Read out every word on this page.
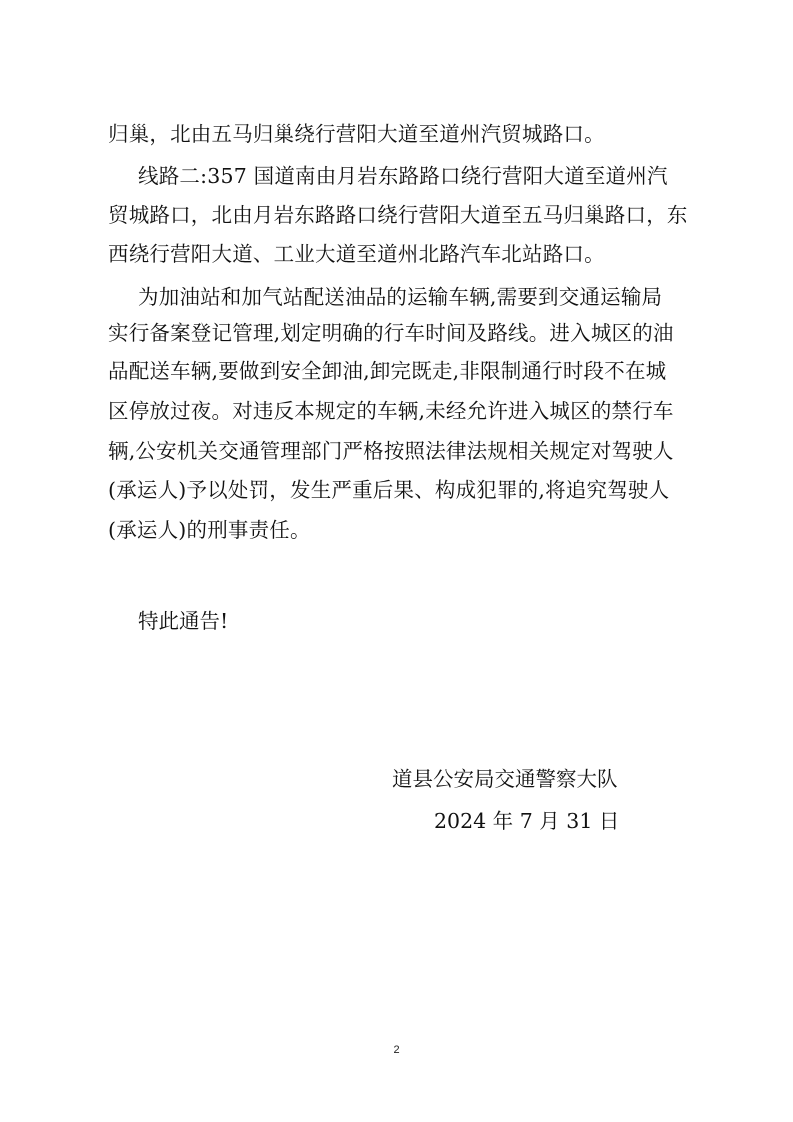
归巢，北由五马归巢绕行营阳大道至道州汽贸城路口。
线路二:357 国道南由月岩东路路口绕行营阳大道至道州汽
贸城路口，北由月岩东路路口绕行营阳大道至五马归巢路口，东
西绕行营阳大道、工业大道至道州北路汽车北站路口。
为加油站和加气站配送油品的运输车辆,需要到交通运输局
实行备案登记管理,划定明确的行车时间及路线。进入城区的油
品配送车辆,要做到安全卸油,卸完既走,非限制通行时段不在城
区停放过夜。对违反本规定的车辆,未经允许进入城区的禁行车
辆,公安机关交通管理部门严格按照法律法规相关规定对驾驶人
(承运人)予以处罚，发生严重后果、构成犯罪的,将追究驾驶人
(承运人)的刑事责任。
特此通告!
道县公安局交通警察大队
2024 年 7 月 31 日
2
